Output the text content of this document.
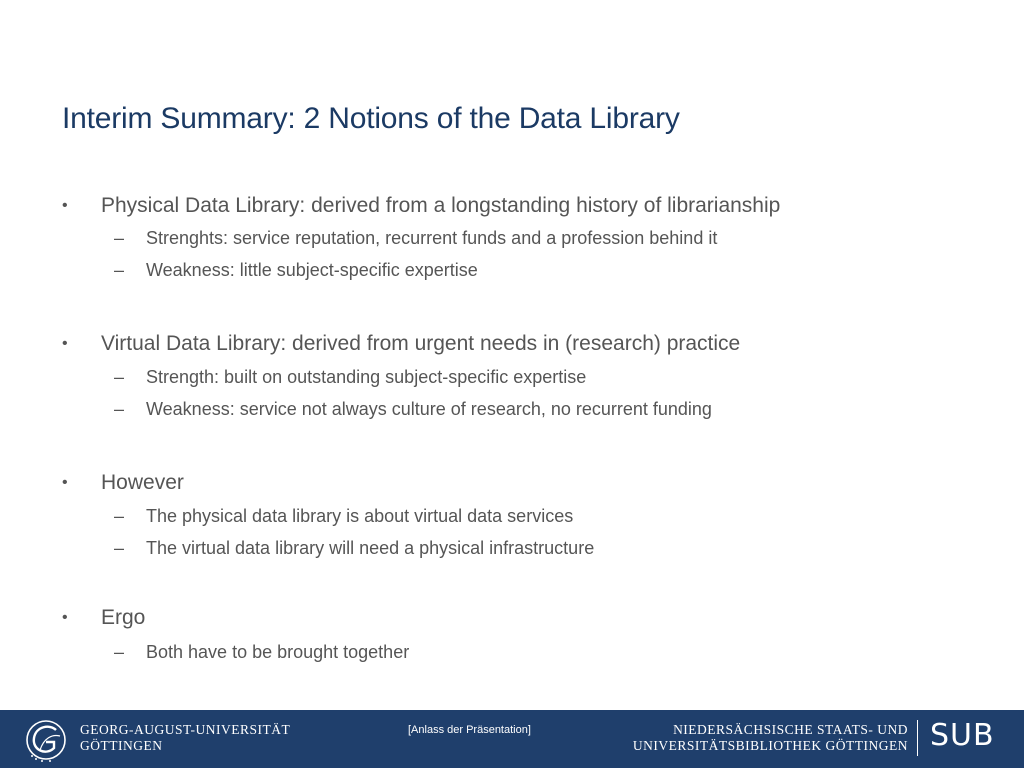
Interim Summary: 2 Notions of the Data Library
• Physical Data Library: derived from a longstanding history of librarianship
– Strenghts: service reputation, recurrent funds and a profession behind it
– Weakness: little subject-specific expertise
• Virtual Data Library: derived from urgent needs in (research) practice
– Strength: built on outstanding subject-specific expertise
– Weakness: service not always culture of research, no recurrent funding
• However
– The physical data library is about virtual data services
– The virtual data library will need a physical infrastructure
• Ergo
– Both have to be brought together
GEORG-AUGUST-UNIVERSITÄT
GÖTTINGEN
[Anlass der Präsentation]	NIEDERSÄCHSISCHE STAATS- UND
UNIVERSITÄTSBIBLIOTHEK GÖTTINGEN SUB
